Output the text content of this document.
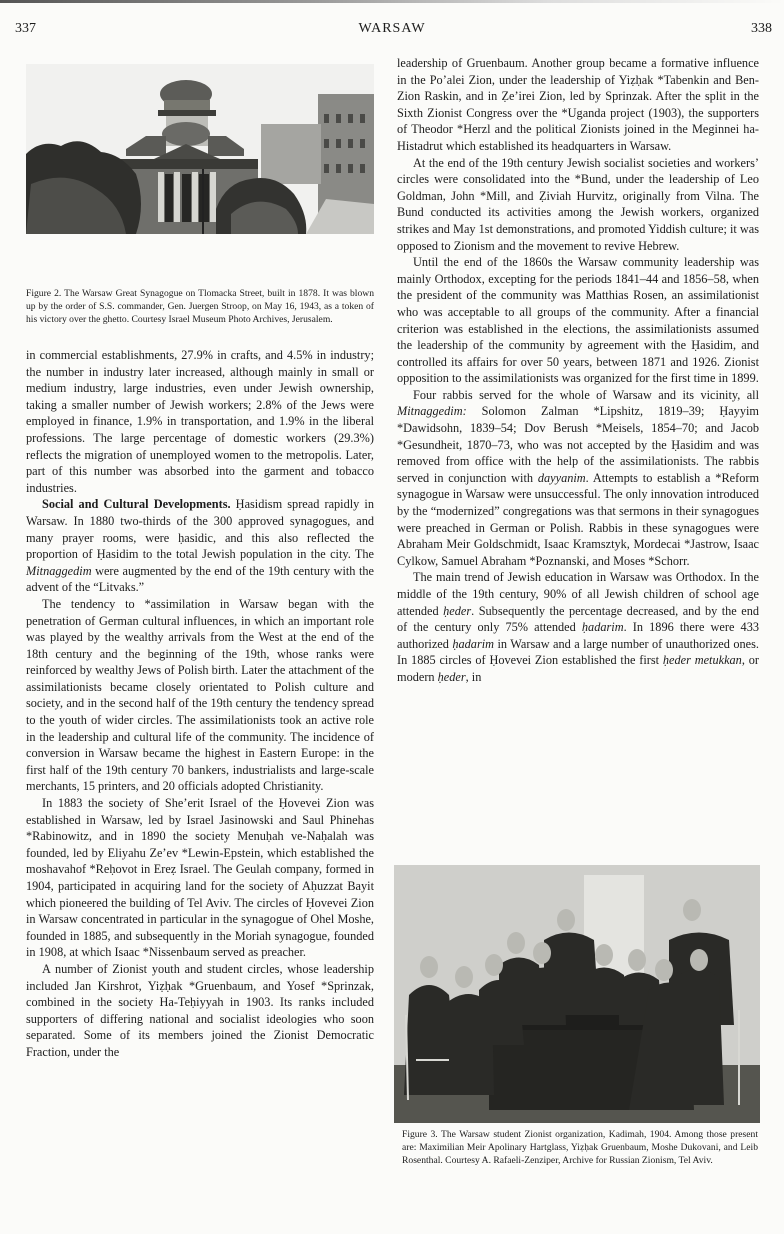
337	WARSAW	338
Figure 2. The Warsaw Great Synagogue on Tlomacka Street, built in 1878. It was blown up by the order of S.S. commander, Gen. Juergen Stroop, on May 16, 1943, as a token of his victory over the ghetto. Courtesy Israel Museum Photo Archives, Jerusalem.

in commercial establishments, 27.9% in crafts, and 4.5% in industry; the number in industry later increased, although mainly in small or medium industry, large industries, even under Jewish ownership, taking a smaller number of Jewish workers; 2.8% of the Jews were employed in finance, 1.9% in transportation, and 1.9% in the liberal professions. The large percentage of domestic workers (29.3%) reflects the migration of unemployed women to the metropolis. Later, part of this number was absorbed into the garment and tobacco industries.

Social and Cultural Developments. Ḥasidism spread rapidly in Warsaw. In 1880 two-thirds of the 300 approved synagogues, and many prayer rooms, were ḥasidic, and this also reflected the proportion of Ḥasidim to the total Jewish population in the city. The Mitnaggedim were augmented by the end of the 19th century with the advent of the “Litvaks.”

The tendency to *assimilation in Warsaw began with the penetration of German cultural influences, in which an important role was played by the wealthy arrivals from the West at the end of the 18th century and the beginning of the 19th, whose ranks were reinforced by wealthy Jews of Polish birth. Later the attachment of the assimilationists became closely orientated to Polish culture and society, and in the second half of the 19th century the tendency spread to the youth of wider circles. The assimilationists took an active role in the leadership and cultural life of the community. The incidence of conversion in Warsaw became the highest in Eastern Europe: in the first half of the 19th century 70 bankers, industrialists and large-scale merchants, 15 printers, and 20 officials adopted Christianity.

In 1883 the society of She’erit Israel of the Ḥovevei Zion was established in Warsaw, led by Israel Jasinowski and Saul Phinehas *Rabinowitz, and in 1890 the society Menuḥah ve-Naḥalah was founded, led by Eliyahu Ze’ev *Lewin-Epstein, which established the moshavahof *Reḥovot in Ereẓ Israel. The Geulah company, formed in 1904, participated in acquiring land for the society of Aḥuzzat Bayit which pioneered the building of Tel Aviv. The circles of Ḥovevei Zion in Warsaw concentrated in particular in the synagogue of Ohel Moshe, founded in 1885, and subsequently in the Moriah synagogue, founded in 1908, at which Isaac *Nissenbaum served as preacher.

A number of Zionist youth and student circles, whose leadership included Jan Kirshrot, Yiẓḥak *Gruenbaum, and Yosef *Sprinzak, combined in the society Ha-Teḥiyyah in 1903. Its ranks included supporters of differing national and socialist ideologies who soon separated. Some of its members joined the Zionist Democratic Fraction, under the

leadership of Gruenbaum. Another group became a formative influence in the Po’alei Zion, under the leadership of Yiẓḥak *Tabenkin and Ben-Zion Raskin, and in Ẓe’irei Zion, led by Sprinzak. After the split in the Sixth Zionist Congress over the *Uganda project (1903), the supporters of Theodor *Herzl and the political Zionists joined in the Meginnei ha-Histadrut which established its headquarters in Warsaw.

At the end of the 19th century Jewish socialist societies and workers’ circles were consolidated into the *Bund, under the leadership of Leo Goldman, John *Mill, and Ẓiviah Hurvitz, originally from Vilna. The Bund conducted its activities among the Jewish workers, organized strikes and May 1st demonstrations, and promoted Yiddish culture; it was opposed to Zionism and the movement to revive Hebrew.

Until the end of the 1860s the Warsaw community leadership was mainly Orthodox, excepting for the periods 1841–44 and 1856–58, when the president of the community was Matthias Rosen, an assimilationist who was acceptable to all groups of the community. After a financial criterion was established in the elections, the assimilationists assumed the leadership of the community by agreement with the Ḥasidim, and controlled its affairs for over 50 years, between 1871 and 1926. Zionist opposition to the assimilationists was organized for the first time in 1899.

Four rabbis served for the whole of Warsaw and its vicinity, all Mitnaggedim: Solomon Zalman *Lipshitz, 1819–39; Ḥayyim *Dawidsohn, 1839–54; Dov Berush *Meisels, 1854–70; and Jacob *Gesundheit, 1870–73, who was not accepted by the Ḥasidim and was removed from office with the help of the assimilationists. The rabbis served in conjunction with dayyanim. Attempts to establish a *Reform synagogue in Warsaw were unsuccessful. The only innovation introduced by the “modernized” congregations was that sermons in their synagogues were preached in German or Polish. Rabbis in these synagogues were Abraham Meir Goldschmidt, Isaac Kramsztyk, Mordecai *Jastrow, Isaac Cylkow, Samuel Abraham *Poznanski, and Moses *Schorr.

The main trend of Jewish education in Warsaw was Orthodox. In the middle of the 19th century, 90% of all Jewish children of school age attended ḥeder. Subsequently the percentage decreased, and by the end of the century only 75% attended ḥadarim. In 1896 there were 433 authorized ḥadarim in Warsaw and a large number of unauthorized ones. In 1885 circles of Ḥovevei Zion established the first ḥeder metukkan, or modern ḥeder, in

Figure 3. The Warsaw student Zionist organization, Kadimah, 1904. Among those present are: Maximilian Meir Apolinary Hartglass, Yiẓḥak Gruenbaum, Moshe Dukovani, and Leib Rosenthal. Courtesy A. Rafaeli-Zenziper, Archive for Russian Zionism, Tel Aviv.
